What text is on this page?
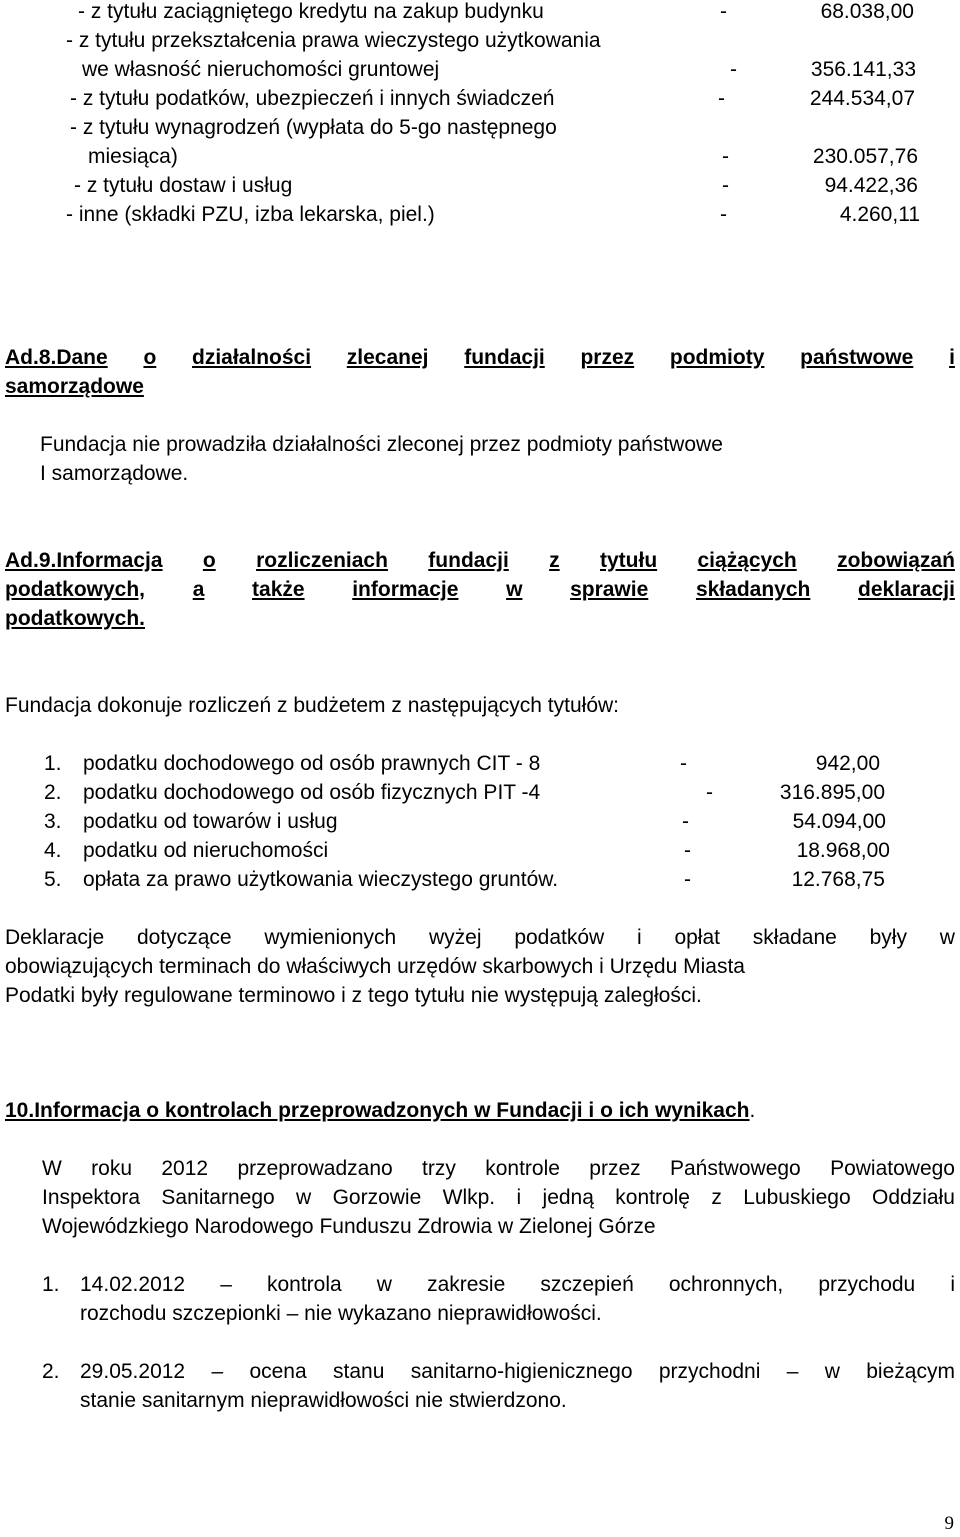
- z tytułu zaciągniętego kredytu na zakup budynku	-	68.038,00
- z tytułu przekształcenia prawa wieczystego użytkowania
we własność nieruchomości gruntowej	-	356.141,33
- z tytułu podatków, ubezpieczeń i innych świadczeń	-	244.534,07
- z tytułu wynagrodzeń (wypłata do 5-go następnego
miesiąca)	-	230.057,76
- z tytułu dostaw i usług	-	94.422,36
- inne (składki PZU, izba lekarska, piel.)	-	4.260,11
Ad.8.Dane o działalności zlecanej fundacji przez podmioty państwowe i
samorządowe
Fundacja nie prowadziła działalności zleconej przez podmioty państwowe
I samorządowe.
Ad.9.Informacja o rozliczeniach fundacji z tytułu ciążących zobowiązań
podatkowych, a także informacje w sprawie składanych deklaracji
podatkowych.
Fundacja dokonuje rozliczeń z budżetem z następujących tytułów:
1. podatku dochodowego od osób prawnych CIT - 8	-	942,00
2. podatku dochodowego od osób fizycznych PIT -4	-	316.895,00
3. podatku od towarów i usług	-	54.094,00
4. podatku od nieruchomości	-	18.968,00
5. opłata za prawo użytkowania wieczystego gruntów.	-	12.768,75
Deklaracje dotyczące wymienionych wyżej podatków i opłat składane były w
obowiązujących terminach do właściwych urzędów skarbowych i Urzędu Miasta
Podatki były regulowane terminowo i z tego tytułu nie występują zaległości.
10.Informacja o kontrolach przeprowadzonych w Fundacji i o ich wynikach.
W roku 2012 przeprowadzano trzy kontrole przez Państwowego Powiatowego
Inspektora Sanitarnego w Gorzowie Wlkp. i jedną kontrolę z Lubuskiego Oddziału
Wojewódzkiego Narodowego Funduszu Zdrowia w Zielonej Górze
1. 14.02.2012 – kontrola w zakresie szczepień ochronnych, przychodu i
rozchodu szczepionki – nie wykazano nieprawidłowości.
2. 29.05.2012 – ocena stanu sanitarno-higienicznego przychodni – w bieżącym
stanie sanitarnym nieprawidłowości nie stwierdzono.
9
